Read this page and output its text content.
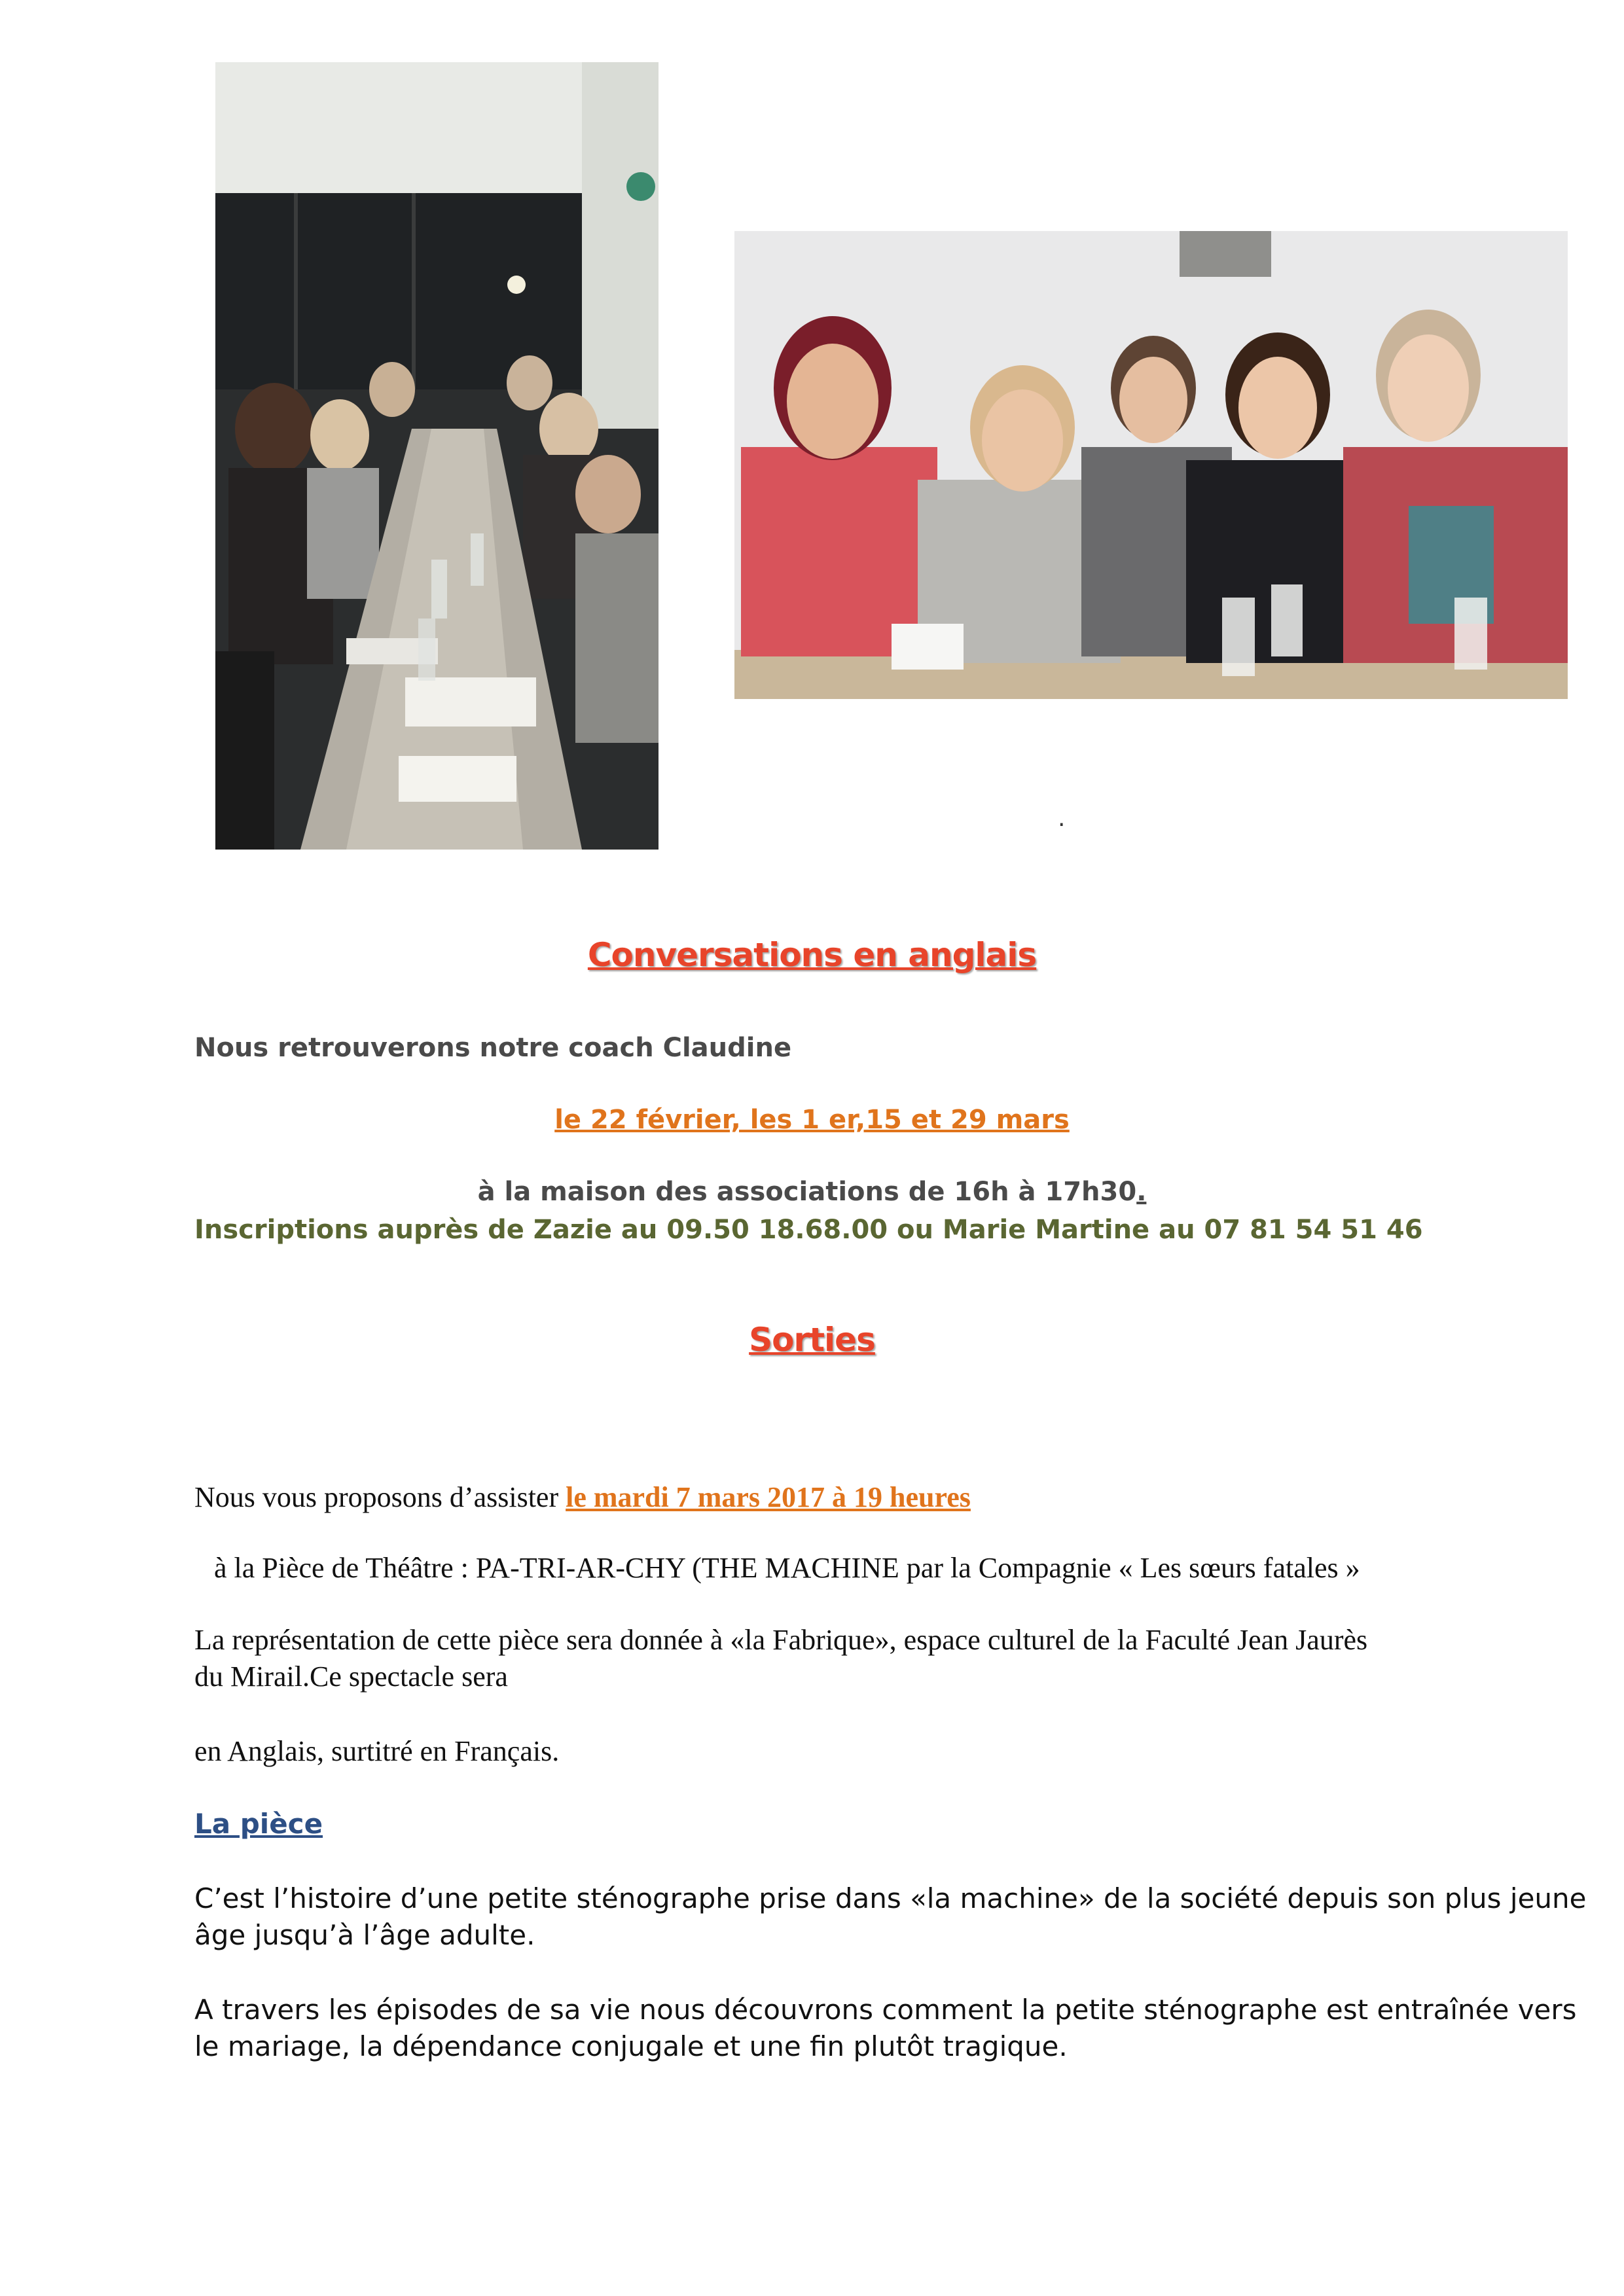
.
Conversations en anglais
Nous retrouverons notre coach Claudine
le 22 février, les 1 er,15 et 29 mars
à la maison des associations de 16h à 17h30.
Inscriptions auprès de Zazie au 09.50 18.68.00 ou Marie Martine au 07 81 54 51 46
Sorties
Nous vous proposons d’assister le mardi 7 mars 2017 à 19 heures
à la Pièce de Théâtre : PA-TRI-AR-CHY (THE MACHINE par la Compagnie « Les sœurs fatales »
La représentation de cette pièce sera donnée à «la Fabrique», espace culturel de la Faculté Jean Jaurès
du Mirail.Ce spectacle sera
en Anglais, surtitré en Français.
La pièce
C’est l’histoire d’une petite sténographe prise dans «la machine» de la société depuis son plus jeune
âge jusqu’à l’âge adulte.
A travers les épisodes de sa vie nous découvrons comment la petite sténographe est entraînée vers
le mariage, la dépendance conjugale et une fin plutôt tragique.
